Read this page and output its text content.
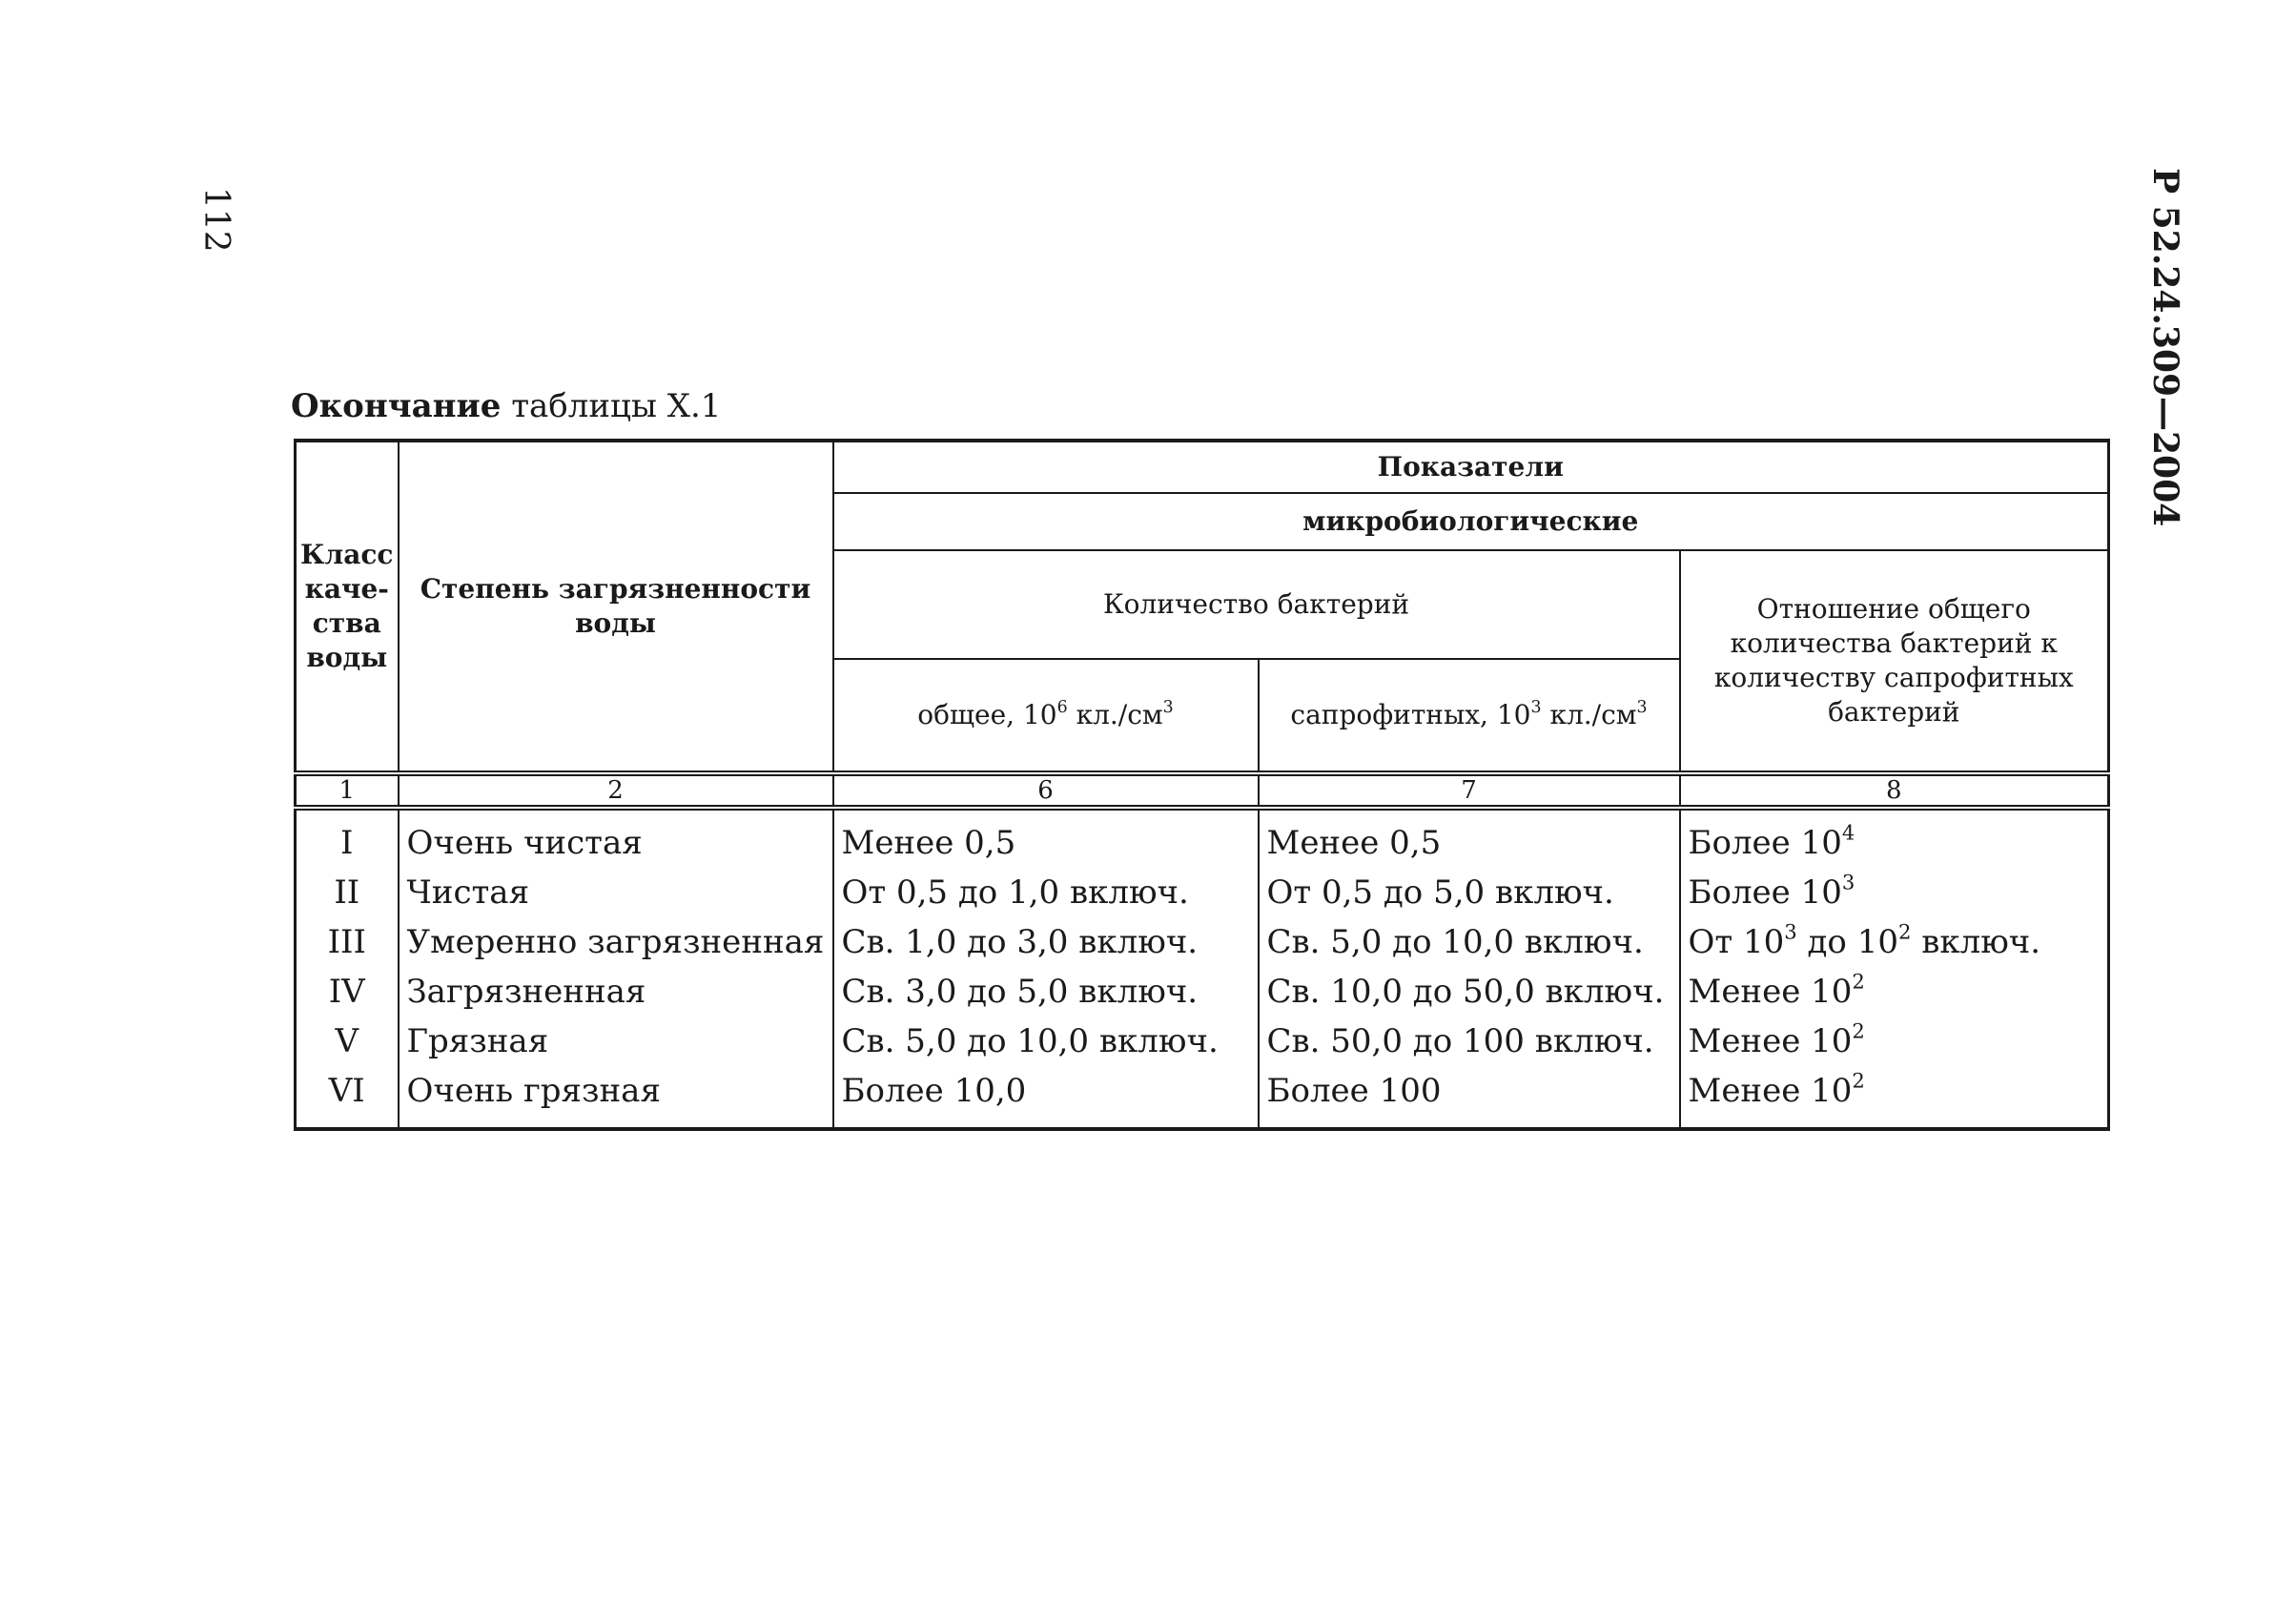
112	Р 52.24.309—2004
Окончание таблицы Х.1
Класс каче-ства воды	Степень загрязненности воды	Показатели		
		микробиологические		
		Количество бактерий		Отношение общего количества бактерий к количеству сапрофитных бактерий
		общее, $10^6$ $кл./см^3$	сапрофитных, $10^3$ $кл./см^3$
1	2	6	7	8
I	Очень чистая	Менее 0,5	Менее 0,5	Более $10^4$
II	Чистая	От 0,5 до 1,0 включ.	От 0,5 до 5,0 включ.	Более $10^3$
III	Умеренно загрязненная	Св. 1,0 до 3,0 включ.	Св. 5,0 до 10,0 включ.	От $10^3$ до $10^2$ включ.
IV	Загрязненная	Св. 3,0 до 5,0 включ.	Св. 10,0 до 50,0 включ.	Менее $10^2$
V	Грязная	Св. 5,0 до 10,0 включ.	Св. 50,0 до 100 включ.	Менее $10^2$
VI	Очень грязная	Более 10,0	Более 100	Менее $10^2$
